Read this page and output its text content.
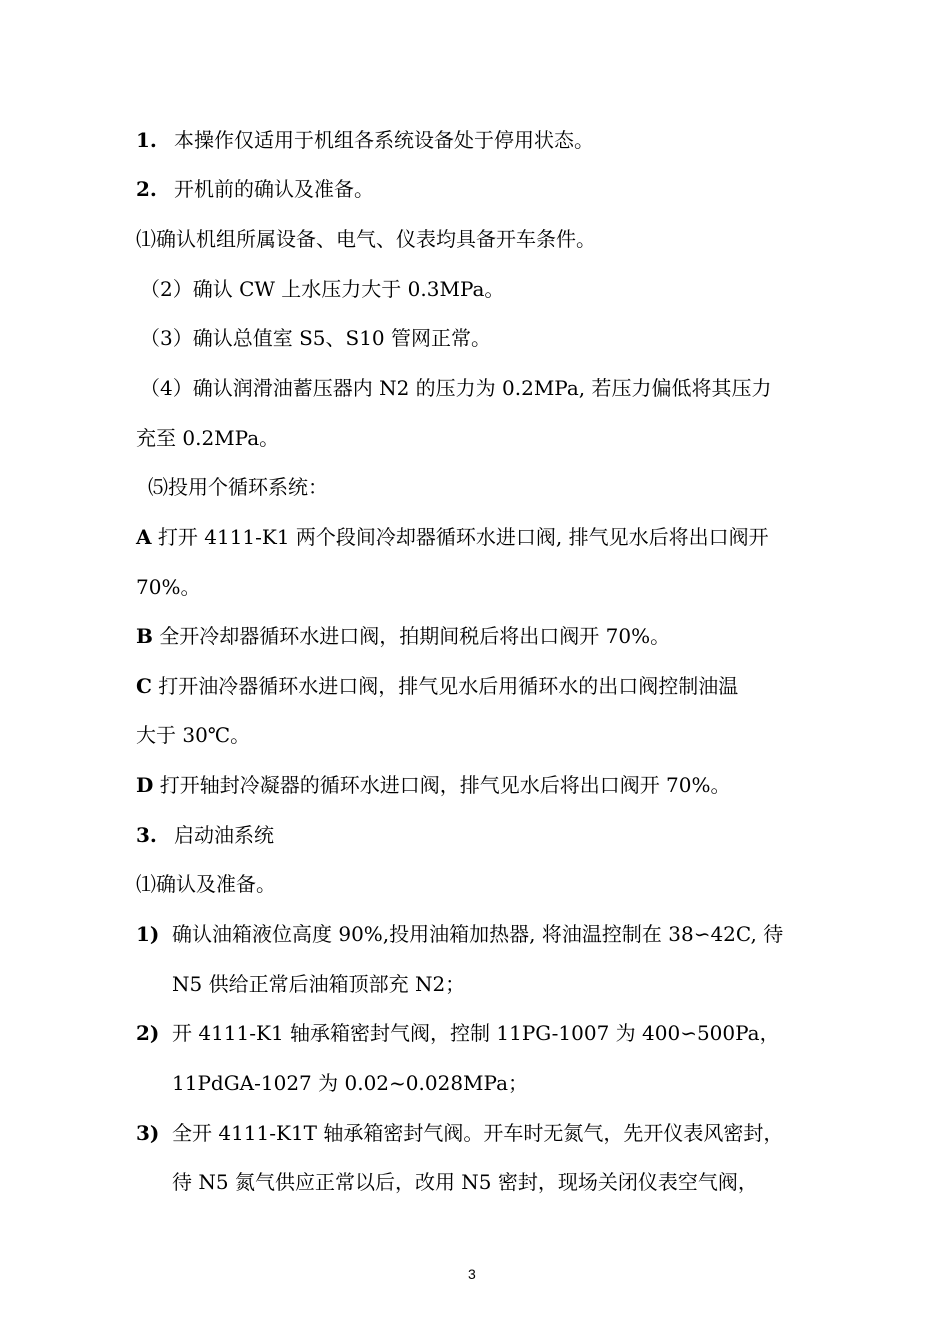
1. 本操作仅适用于机组各系统设备处于停用状态。
2. 开机前的确认及准备。
⑴确认机组所属设备、电气、仪表均具备开车条件。
（2）确认 CW 上水压力大于 0.3MPa。
（3）确认总值室 S5、S10 管网正常。
（4）确认润滑油蓄压器内 N2 的压力为 0.2MPa, 若压力偏低将其压力
充至 0.2MPa。
⑸投用个循环系统：
A 打开 4111-K1 两个段间冷却器循环水进口阀, 排气见水后将出口阀开
70%。
B 全开冷却器循环水进口阀，拍期间税后将出口阀开 70%。
C 打开油冷器循环水进口阀，排气见水后用循环水的出口阀控制油温
大于 30℃。
D 打开轴封冷凝器的循环水进口阀，排气见水后将出口阀开 70%。
3. 启动油系统
⑴确认及准备。
1) 确认油箱液位高度 90%,投用油箱加热器, 将油温控制在 38∽42C, 待
N5 供给正常后油箱顶部充 N2；
2) 开 4111-K1 轴承箱密封气阀，控制 11PG-1007 为 400∽500Pa，
11PdGA-1027 为 0.02~0.028MPa；
3) 全开 4111-K1T 轴承箱密封气阀。开车时无氮气，先开仪表风密封，
待 N5 氮气供应正常以后，改用 N5 密封，现场关闭仪表空气阀，
3
